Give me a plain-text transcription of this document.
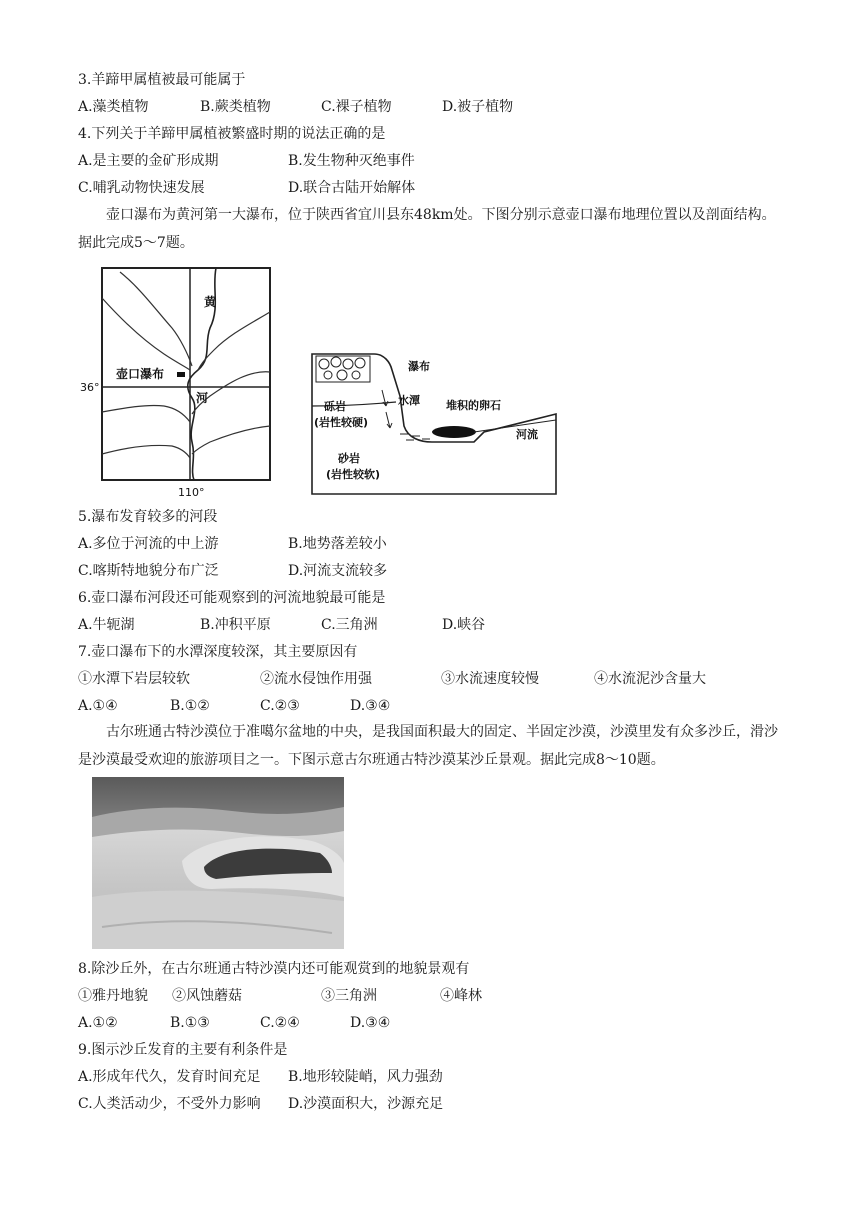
3.羊蹄甲属植被最可能属于
A.藻类植物	B.蕨类植物	C.裸子植物	D.被子植物
4.下列关于羊蹄甲属植被繁盛时期的说法正确的是
A.是主要的金矿形成期	B.发生物种灭绝事件
C.哺乳动物快速发展	D.联合古陆开始解体
壶口瀑布为黄河第一大瀑布，位于陕西省宜川县东48km处。下图分别示意壶口瀑布地理位置以及剖面结构。据此完成5～7题。
黄
河
壶口瀑布
36°
110°
瀑布
水潭 堆积的卵石
河流
砾岩
(岩性较硬)
砂岩
(岩性较软)
5.瀑布发育较多的河段
A.多位于河流的中上游	B.地势落差较小
C.喀斯特地貌分布广泛	D.河流支流较多
6.壶口瀑布河段还可能观察到的河流地貌最可能是
A.牛轭湖	B.冲积平原	C.三角洲	D.峡谷
7.壶口瀑布下的水潭深度较深，其主要原因有
①水潭下岩层较软	②流水侵蚀作用强	③水流速度较慢	④水流泥沙含量大
A.①④	B.①②	C.②③	D.③④
古尔班通古特沙漠位于准噶尔盆地的中央，是我国面积最大的固定、半固定沙漠，沙漠里发有众多沙丘，滑沙是沙漠最受欢迎的旅游项目之一。下图示意古尔班通古特沙漠某沙丘景观。据此完成8～10题。
8.除沙丘外，在古尔班通古特沙漠内还可能观赏到的地貌景观有
①雅丹地貌 ②风蚀蘑菇	③三角洲	④峰林
A.①②	B.①③	C.②④	D.③④
9.图示沙丘发育的主要有利条件是
A.形成年代久，发育时间充足 B.地形较陡峭，风力强劲
C.人类活动少，不受外力影响 D.沙漠面积大，沙源充足
